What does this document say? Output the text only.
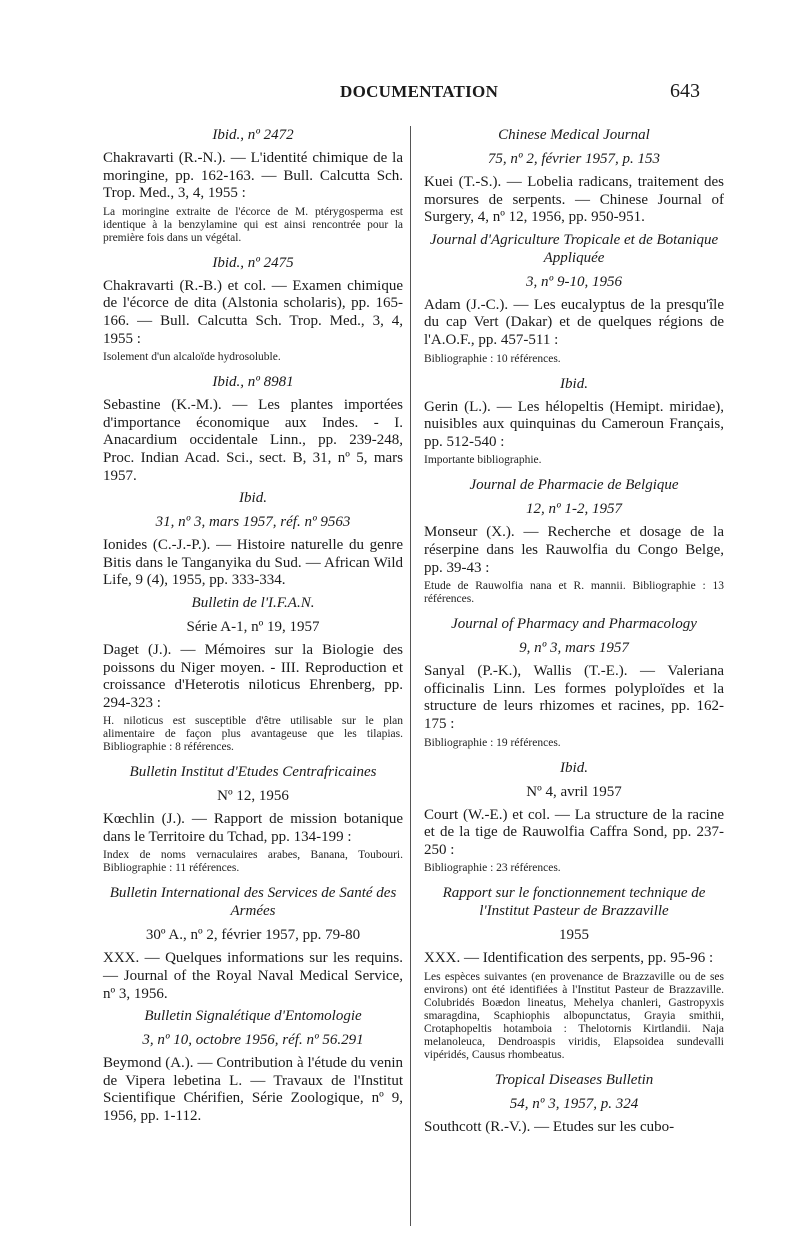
DOCUMENTATION	643
Ibid., nº 2472
Chakravarti (R.-N.). — L'identité chimique de la moringine, pp. 162-163. — Bull. Calcutta Sch. Trop. Med., 3, 4, 1955 :
La moringine extraite de l'écorce de M. ptérygosperma est identique à la benzylamine qui est ainsi rencontrée pour la première fois dans un végétal.
Ibid., nº 2475
Chakravarti (R.-B.) et col. — Examen chimique de l'écorce de dita (Alstonia scholaris), pp. 165-166. — Bull. Calcutta Sch. Trop. Med., 3, 4, 1955 :
Isolement d'un alcaloïde hydrosoluble.
Ibid., nº 8981
Sebastine (K.-M.). — Les plantes importées d'importance économique aux Indes. - I. Anacardium occidentale Linn., pp. 239-248, Proc. Indian Acad. Sci., sect. B, 31, nº 5, mars 1957.
Ibid.
31, nº 3, mars 1957, réf. nº 9563
Ionides (C.-J.-P.). — Histoire naturelle du genre Bitis dans le Tanganyika du Sud. — African Wild Life, 9 (4), 1955, pp. 333-334.
Bulletin de l'I.F.A.N.
Série A-1, nº 19, 1957
Daget (J.). — Mémoires sur la Biologie des poissons du Niger moyen. - III. Reproduction et croissance d'Heterotis niloticus Ehrenberg, pp. 294-323 :
H. niloticus est susceptible d'être utilisable sur le plan alimentaire de façon plus avantageuse que les tilapias. Bibliographie : 8 références.
Bulletin Institut d'Etudes Centrafricaines
Nº 12, 1956
Kœchlin (J.). — Rapport de mission botanique dans le Territoire du Tchad, pp. 134-199 :
Index de noms vernaculaires arabes, Banana, Toubouri. Bibliographie : 11 références.
Bulletin International des Services de Santé des Armées
30º A., nº 2, février 1957, pp. 79-80
XXX. — Quelques informations sur les requins. — Journal of the Royal Naval Medical Service, nº 3, 1956.
Bulletin Signalétique d'Entomologie
3, nº 10, octobre 1956, réf. nº 56.291
Beymond (A.). — Contribution à l'étude du venin de Vipera lebetina L. — Travaux de l'Institut Scientifique Chérifien, Série Zoologique, nº 9, 1956, pp. 1-112.
Chinese Medical Journal
75, nº 2, février 1957, p. 153
Kuei (T.-S.). — Lobelia radicans, traitement des morsures de serpents. — Chinese Journal of Surgery, 4, nº 12, 1956, pp. 950-951.
Journal d'Agriculture Tropicale et de Botanique Appliquée
3, nº 9-10, 1956
Adam (J.-C.). — Les eucalyptus de la presqu'île du cap Vert (Dakar) et de quelques régions de l'A.O.F., pp. 457-511 :
Bibliographie : 10 références.
Ibid.
Gerin (L.). — Les hélopeltis (Hemipt. miridae), nuisibles aux quinquinas du Cameroun Français, pp. 512-540 :
Importante bibliographie.
Journal de Pharmacie de Belgique
12, nº 1-2, 1957
Monseur (X.). — Recherche et dosage de la réserpine dans les Rauwolfia du Congo Belge, pp. 39-43 :
Etude de Rauwolfia nana et R. mannii. Bibliographie : 13 références.
Journal of Pharmacy and Pharmacology
9, nº 3, mars 1957
Sanyal (P.-K.), Wallis (T.-E.). — Valeriana officinalis Linn. Les formes polyploïdes et la structure de leurs rhizomes et racines, pp. 162-175 :
Bibliographie : 19 références.
Ibid.
Nº 4, avril 1957
Court (W.-E.) et col. — La structure de la racine et de la tige de Rauwolfia Caffra Sond, pp. 237-250 :
Bibliographie : 23 références.
Rapport sur le fonctionnement technique de l'Institut Pasteur de Brazzaville
1955
XXX. — Identification des serpents, pp. 95-96 :
Les espèces suivantes (en provenance de Brazzaville ou de ses environs) ont été identifiées à l'Institut Pasteur de Brazzaville. Colubridés Boædon lineatus, Mehelya chanleri, Gastropyxis smaragdina, Scaphiophis albopunctatus, Grayia smithii, Crotaphopeltis hotamboia : Thelotornis Kirtlandii. Naja melanoleuca, Dendroaspis viridis, Elapsoidea sundevalli vipéridés, Causus rhombeatus.
Tropical Diseases Bulletin
54, nº 3, 1957, p. 324
Southcott (R.-V.). — Etudes sur les cubo-
